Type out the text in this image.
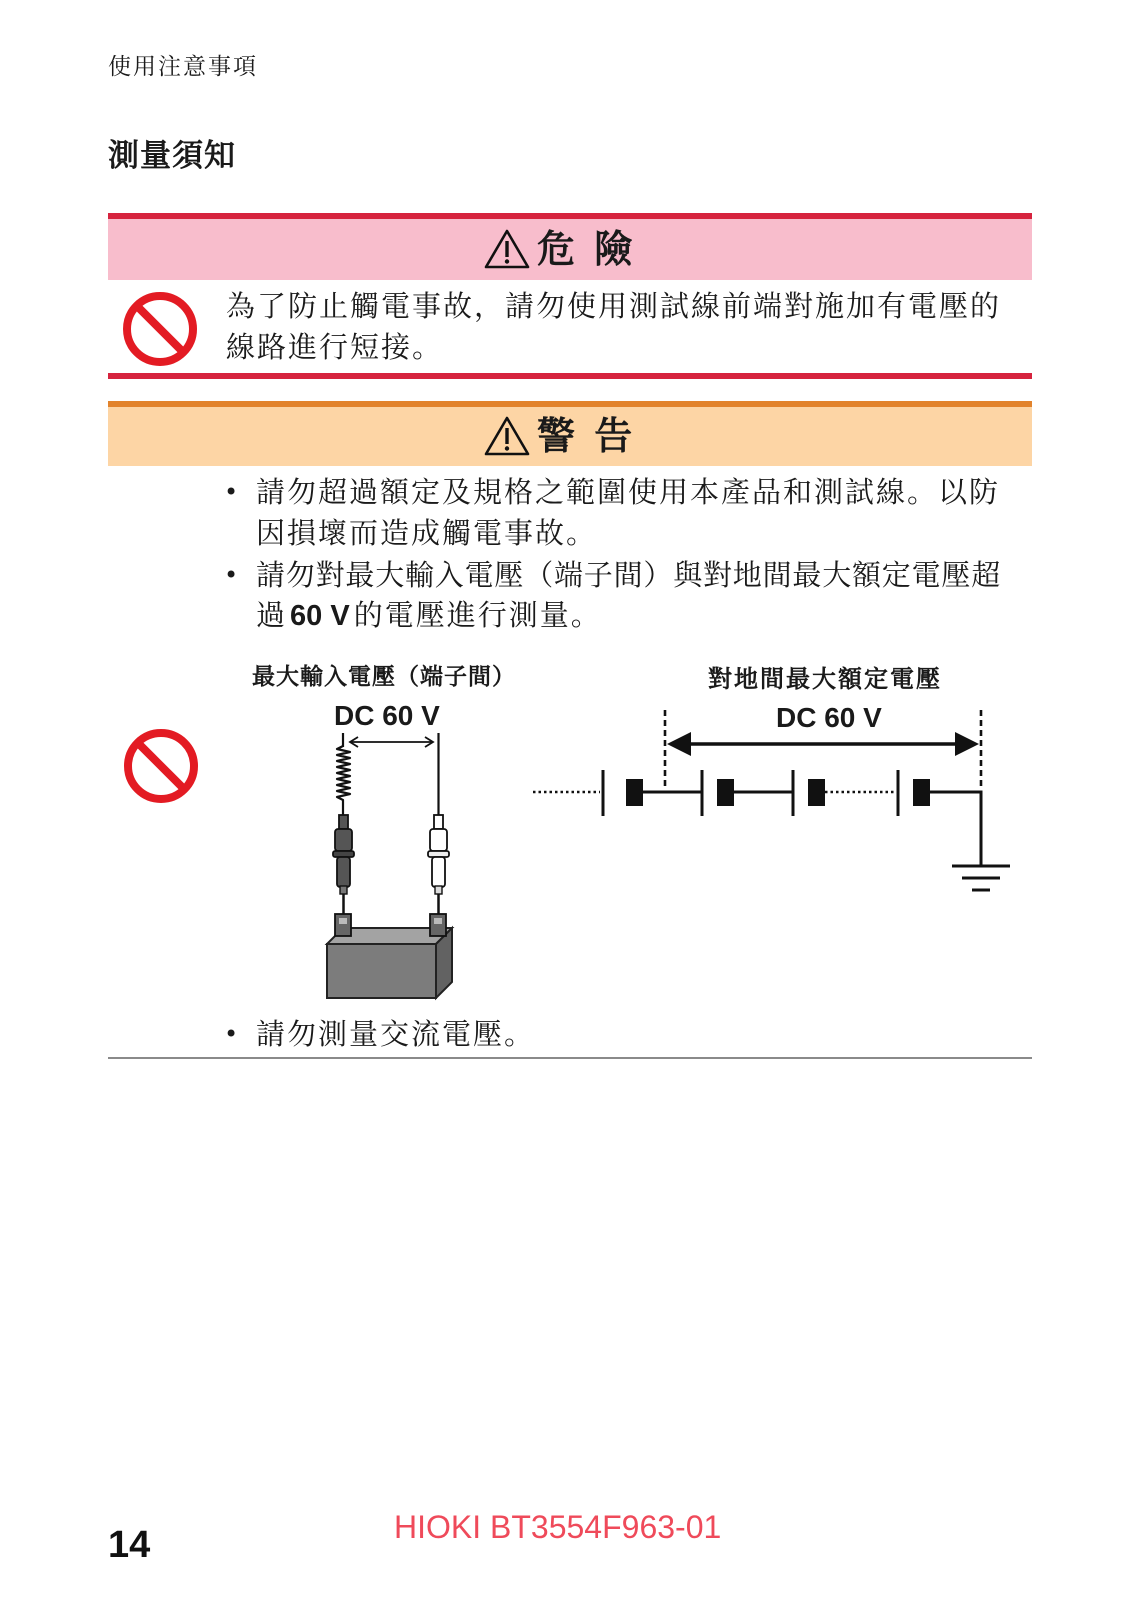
使用注意事項
測量須知
危 險
為了防止觸電事故，請勿使用測試線前端對施加有電壓的
線路進行短接。
警 告
• 請勿超過額定及規格之範圍使用本產品和測試線。以防
因損壞而造成觸電事故。
• 請勿對最大輸入電壓（端子間）與對地間最大額定電壓超
過 60 V 的電壓進行測量。
最大輸入電壓（端子間）
DC 60 V
對地間最大額定電壓
DC 60 V
• 請勿測量交流電壓。
HIOKI BT3554F963-01
14
